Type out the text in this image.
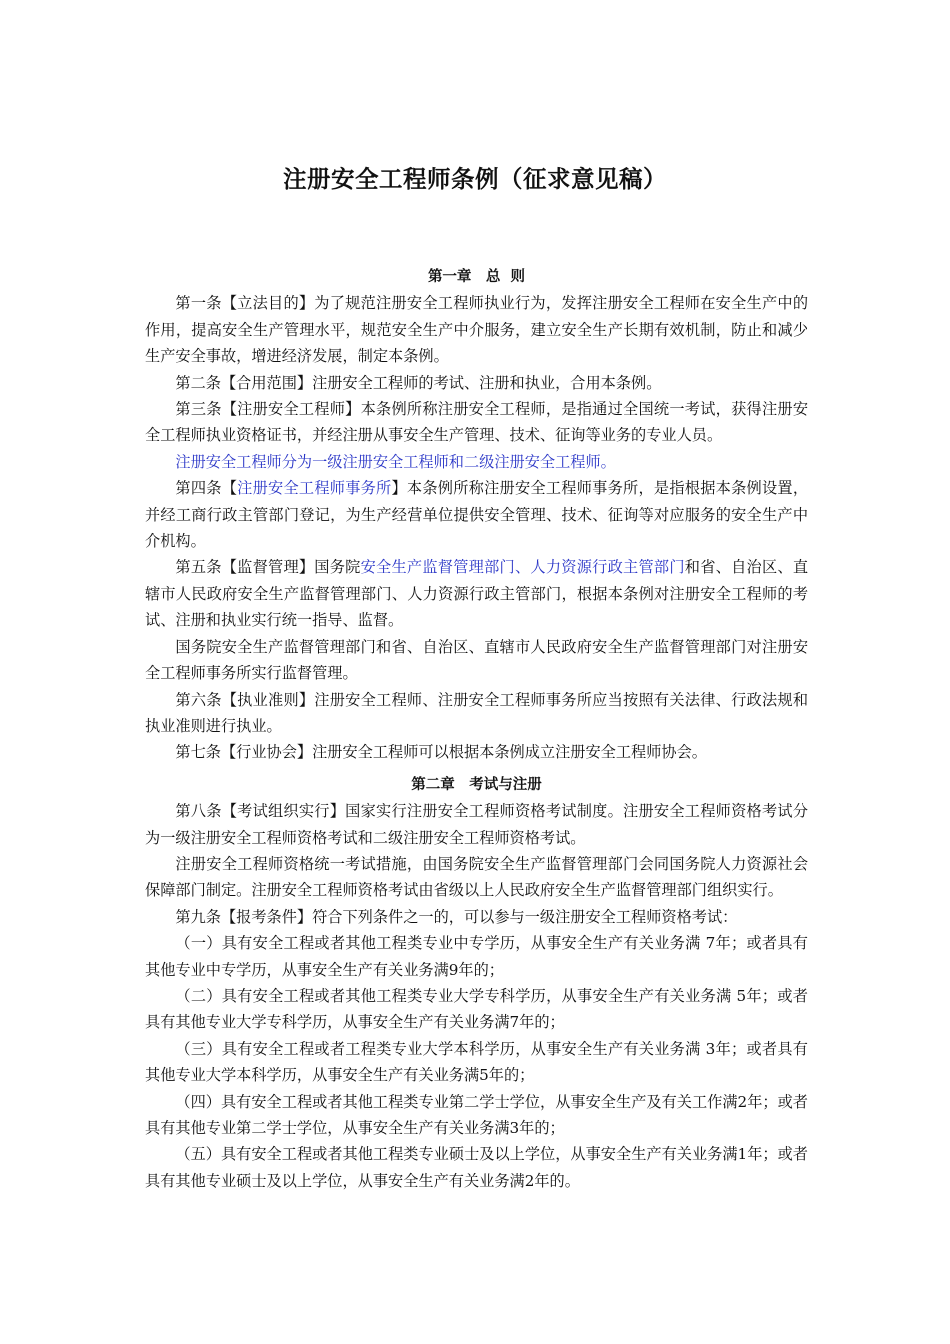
注册安全工程师条例（征求意见稿）
第一章　总  则

第一条【立法目的】为了规范注册安全工程师执业行为，发挥注册安全工程师在安全生产中的作用，提高安全生产管理水平，规范安全生产中介服务，建立安全生产长期有效机制，防止和减少生产安全事故，增进经济发展，制定本条例。

第二条【合用范围】注册安全工程师的考试、注册和执业，合用本条例。

第三条【注册安全工程师】本条例所称注册安全工程师，是指通过全国统一考试，获得注册安全工程师执业资格证书，并经注册从事安全生产管理、技术、征询等业务的专业人员。

注册安全工程师分为一级注册安全工程师和二级注册安全工程师。

第四条【注册安全工程师事务所】本条例所称注册安全工程师事务所，是指根据本条例设置，并经工商行政主管部门登记，为生产经营单位提供安全管理、技术、征询等对应服务的安全生产中介机构。

第五条【监督管理】国务院安全生产监督管理部门、人力资源行政主管部门和省、自治区、直辖市人民政府安全生产监督管理部门、人力资源行政主管部门，根据本条例对注册安全工程师的考试、注册和执业实行统一指导、监督。

国务院安全生产监督管理部门和省、自治区、直辖市人民政府安全生产监督管理部门对注册安全工程师事务所实行监督管理。

第六条【执业准则】注册安全工程师、注册安全工程师事务所应当按照有关法律、行政法规和执业准则进行执业。

第七条【行业协会】注册安全工程师可以根据本条例成立注册安全工程师协会。

第二章　考试与注册

第八条【考试组织实行】国家实行注册安全工程师资格考试制度。注册安全工程师资格考试分为一级注册安全工程师资格考试和二级注册安全工程师资格考试。

注册安全工程师资格统一考试措施，由国务院安全生产监督管理部门会同国务院人力资源社会保障部门制定。注册安全工程师资格考试由省级以上人民政府安全生产监督管理部门组织实行。

第九条【报考条件】符合下列条件之一的，可以参与一级注册安全工程师资格考试：

（一）具有安全工程或者其他工程类专业中专学历，从事安全生产有关业务满 7年；或者具有其他专业中专学历，从事安全生产有关业务满9年的；

（二）具有安全工程或者其他工程类专业大学专科学历，从事安全生产有关业务满 5年；或者具有其他专业大学专科学历，从事安全生产有关业务满7年的；

（三）具有安全工程或者工程类专业大学本科学历，从事安全生产有关业务满 3年；或者具有其他专业大学本科学历，从事安全生产有关业务满5年的；

（四）具有安全工程或者其他工程类专业第二学士学位，从事安全生产及有关工作满2年；或者具有其他专业第二学士学位，从事安全生产有关业务满3年的；

（五）具有安全工程或者其他工程类专业硕士及以上学位，从事安全生产有关业务满1年；或者具有其他专业硕士及以上学位，从事安全生产有关业务满2年的。
